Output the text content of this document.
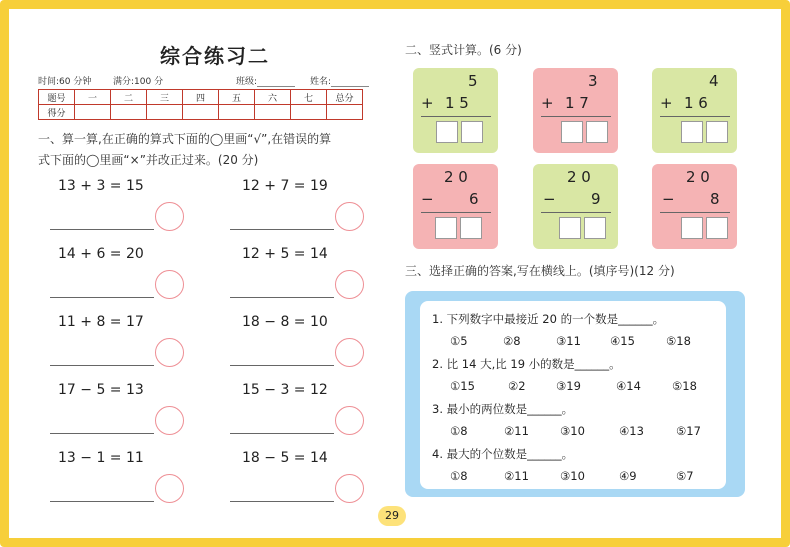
综合练习二
时间:60 分钟 满分:100 分	班级:	姓名:
题号	一	二	三	四	五	六	七	总分
得分								
一、算一算,在正确的算式下面的◯里画“√”,在错误的算
式下面的◯里画“×”并改正过来。(20 分)
13 + 3 = 15	12 + 7 = 19
14 + 6 = 20	12 + 5 = 14
11 + 8 = 17	18 − 8 = 10
17 − 5 = 13	15 − 3 = 12
13 − 1 = 11	18 − 5 = 14
二、竖式计算。(6 分)
5
+ 1 5
3
+ 1 7
4
+ 1 6
2 0
− 6
2 0
− 9
2 0
− 8
三、选择正确的答案,写在横线上。(填序号)(12 分)
1. 下列数字中最接近 20 的一个数是______。
①5	②8	③11	④15	⑤18
2. 比 14 大,比 19 小的数是______。
①15	②2	③19	④14	⑤18
3. 最小的两位数是______。
①8	②11	③10	④13	⑤17
4. 最大的个位数是______。
①8	②11	③10	④9	⑤7
29
